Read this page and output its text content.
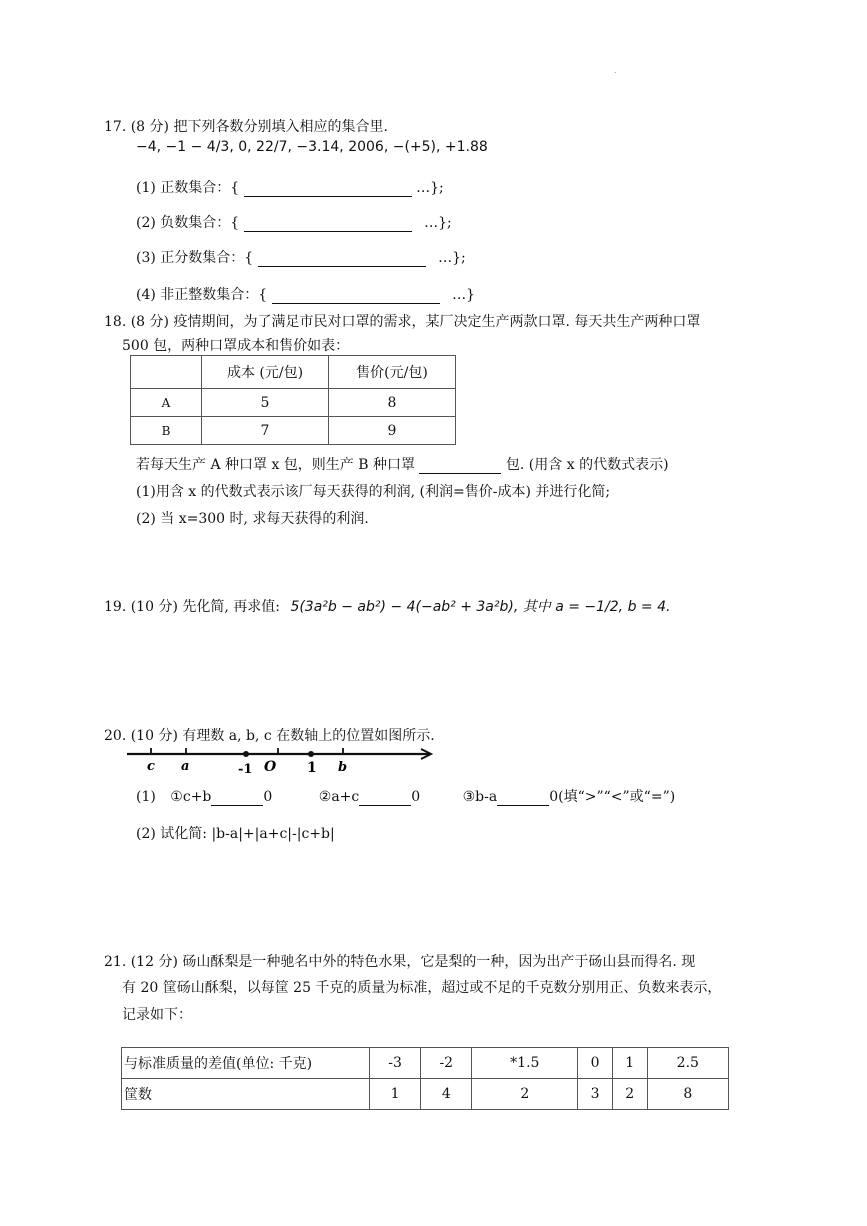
.
17. (8 分) 把下列各数分别填入相应的集合里.
−4, −1 − 4/3, 0, 22/7, −3.14, 2006, −(+5), +1.88
(1) 正数集合：{	…};
(2) 负数集合：{	…};
(3) 正分数集合：{	…};
(4) 非正整数集合：{	…}
18. (8 分) 疫情期间，为了满足市民对口罩的需求，某厂决定生产两款口罩. 每天共生产两种口罩
500 包，两种口罩成本和售价如表：
	成本 (元/包)	售价(元/包)
A	5	8
B	7	9
若每天生产 A 种口罩 x 包，则生产 B 种口罩	包. (用含 x 的代数式表示)
(1)用含 x 的代数式表示该厂每天获得的利润, (利润=售价-成本) 并进行化简;
(2) 当 x=300 时, 求每天获得的利润.
19. (10 分) 先化简, 再求值: 5(3a²b − ab²) − 4(−ab² + 3a²b), 其中 a = −1/2, b = 4.
20. (10 分) 有理数 a, b, c 在数轴上的位置如图所示.
c a	-1 O 1 b
(1) ①c+b	0	②a+c	0	③b-a	0(填“>”“<”或“=”)
(2) 试化简: |b-a|+|a+c|-|c+b|
21. (12 分) 砀山酥梨是一种驰名中外的特色水果，它是梨的一种，因为出产于砀山县而得名. 现
有 20 筐砀山酥梨，以每筐 25 千克的质量为标准，超过或不足的千克数分别用正、负数来表示，
记录如下：
与标准质量的差值(单位: 千克)	-3	-2	*1.5	0	1	2.5
筐数	1	4	2	3	2	8
